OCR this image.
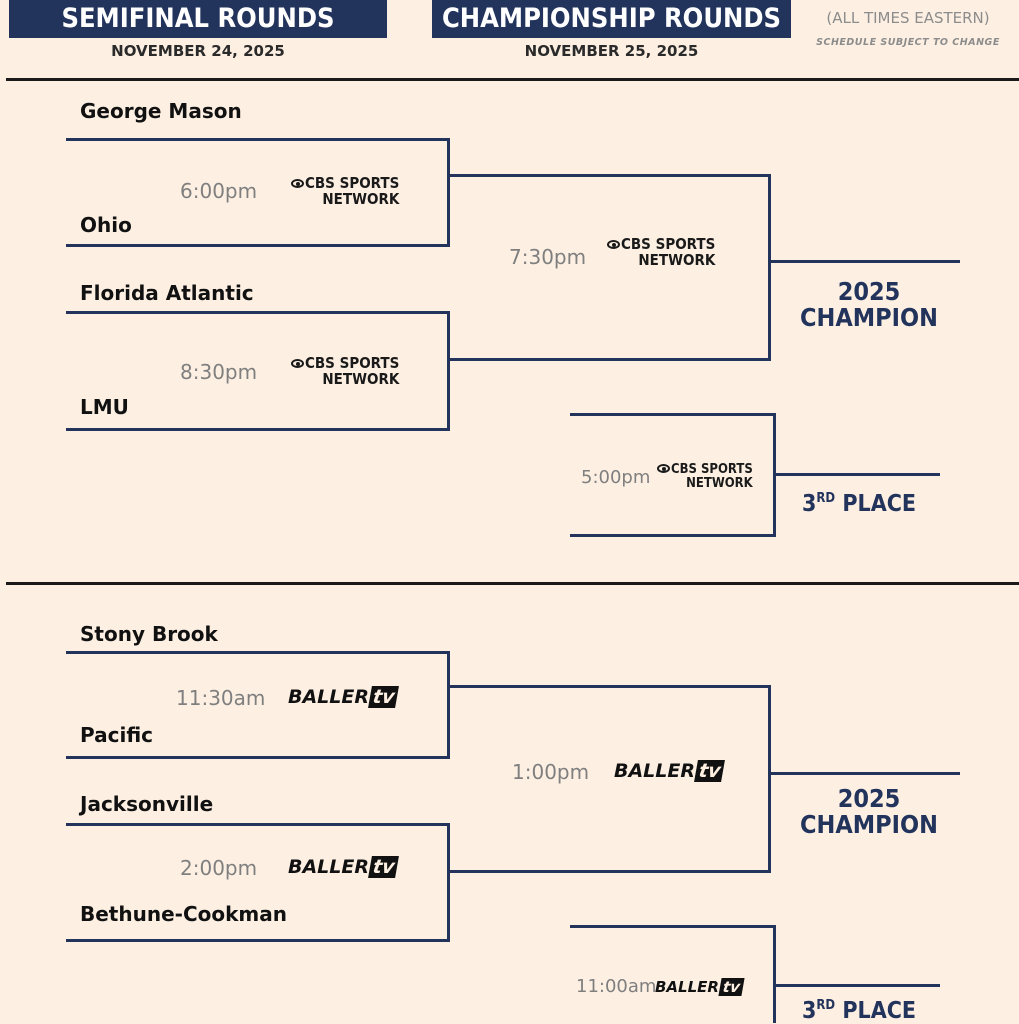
SEMIFINAL ROUNDS
NOVEMBER 24, 2025
CHAMPIONSHIP ROUNDS
NOVEMBER 25, 2025
(ALL TIMES EASTERN)
SCHEDULE SUBJECT TO CHANGE
George Mason
6:00pm	CBS SPORTS
NETWORK
Ohio
7:30pm
CBS SPORTS
NETWORK
2025
CHAMPION
Florida Atlantic
8:30pm	CBS SPORTS
NETWORK
LMU
5:00pm	CBS SPORTS
NETWORK
3RD PLACE
Stony Brook
11:30am BALLER tv
Pacific
1:00pm BALLER tv
2025
CHAMPION
Jacksonville
2:00pm BALLER tv
Bethune-Cookman
11:00am
BALLER tv
3RD PLACE
